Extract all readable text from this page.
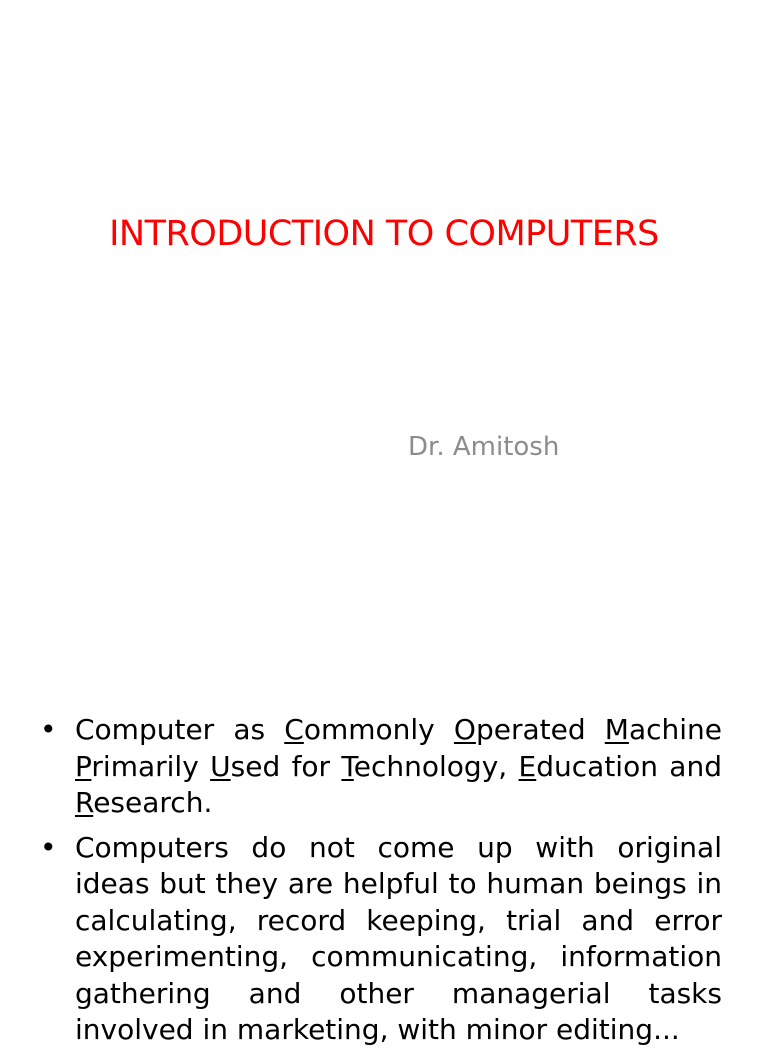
INTRODUCTION TO COMPUTERS
Dr. Amitosh
• Computer as Commonly Operated Machine Primarily Used for Technology, Education and Research.
• Computers do not come up with original ideas but they are helpful to human beings in calculating, record keeping, trial and error experimenting, communicating, information gathering and other managerial tasks involved in marketing, with minor editing...
